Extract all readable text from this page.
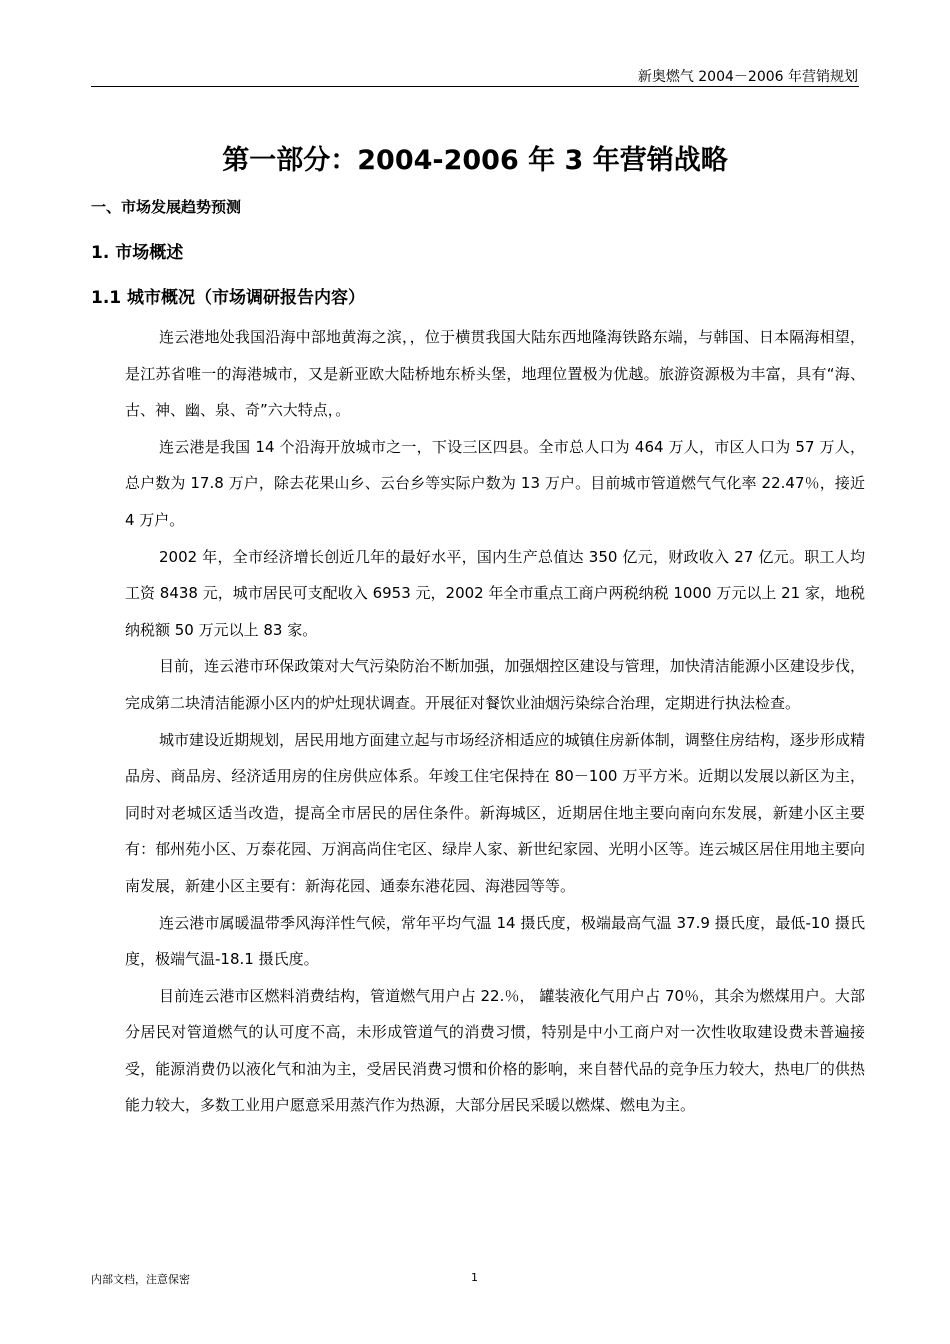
新奥燃气 2004－2006 年营销规划
第一部分：2004-2006 年 3 年营销战略
一、市场发展趋势预测
1. 市场概述
1.1 城市概况（市场调研报告内容）

连云港地处我国沿海中部地黄海之滨，，位于横贯我国大陆东西地隆海铁路东端，与韩国、日本隔海相望，是江苏省唯一的海港城市，又是新亚欧大陆桥地东桥头堡，地理位置极为优越。旅游资源极为丰富，具有“海、古、神、幽、泉、奇”六大特点，。

连云港是我国 14 个沿海开放城市之一，下设三区四县。全市总人口为 464 万人，市区人口为 57 万人，总户数为 17.8 万户，除去花果山乡、云台乡等实际户数为 13 万户。目前城市管道燃气气化率 22.47％，接近 4 万户。

2002 年，全市经济增长创近几年的最好水平，国内生产总值达 350 亿元，财政收入 27 亿元。职工人均工资 8438 元，城市居民可支配收入 6953 元，2002 年全市重点工商户两税纳税 1000 万元以上 21 家，地税纳税额 50 万元以上 83 家。

目前，连云港市环保政策对大气污染防治不断加强，加强烟控区建设与管理，加快清洁能源小区建设步伐，完成第二块清洁能源小区内的炉灶现状调查。开展征对餐饮业油烟污染综合治理，定期进行执法检查。

城市建设近期规划，居民用地方面建立起与市场经济相适应的城镇住房新体制，调整住房结构，逐步形成精品房、商品房、经济适用房的住房供应体系。年竣工住宅保持在 80－100 万平方米。近期以发展以新区为主，同时对老城区适当改造，提高全市居民的居住条件。新海城区，近期居住地主要向南向东发展，新建小区主要有：郁州苑小区、万泰花园、万润高尚住宅区、绿岸人家、新世纪家园、光明小区等。连云城区居住用地主要向南发展，新建小区主要有：新海花园、通泰东港花园、海港园等等。

连云港市属暖温带季风海洋性气候，常年平均气温 14 摄氏度，极端最高气温 37.9 摄氏度，最低-10 摄氏度，极端气温-18.1 摄氏度。

目前连云港市区燃料消费结构，管道燃气用户占 22.％， 罐装液化气用户占 70％，其余为燃煤用户。大部分居民对管道燃气的认可度不高，未形成管道气的消费习惯，特别是中小工商户对一次性收取建设费未普遍接受，能源消费仍以液化气和油为主，受居民消费习惯和价格的影响，来自替代品的竞争压力较大，热电厂的供热能力较大，多数工业用户愿意采用蒸汽作为热源，大部分居民采暖以燃煤、燃电为主。

内部文档，注意保密	1
